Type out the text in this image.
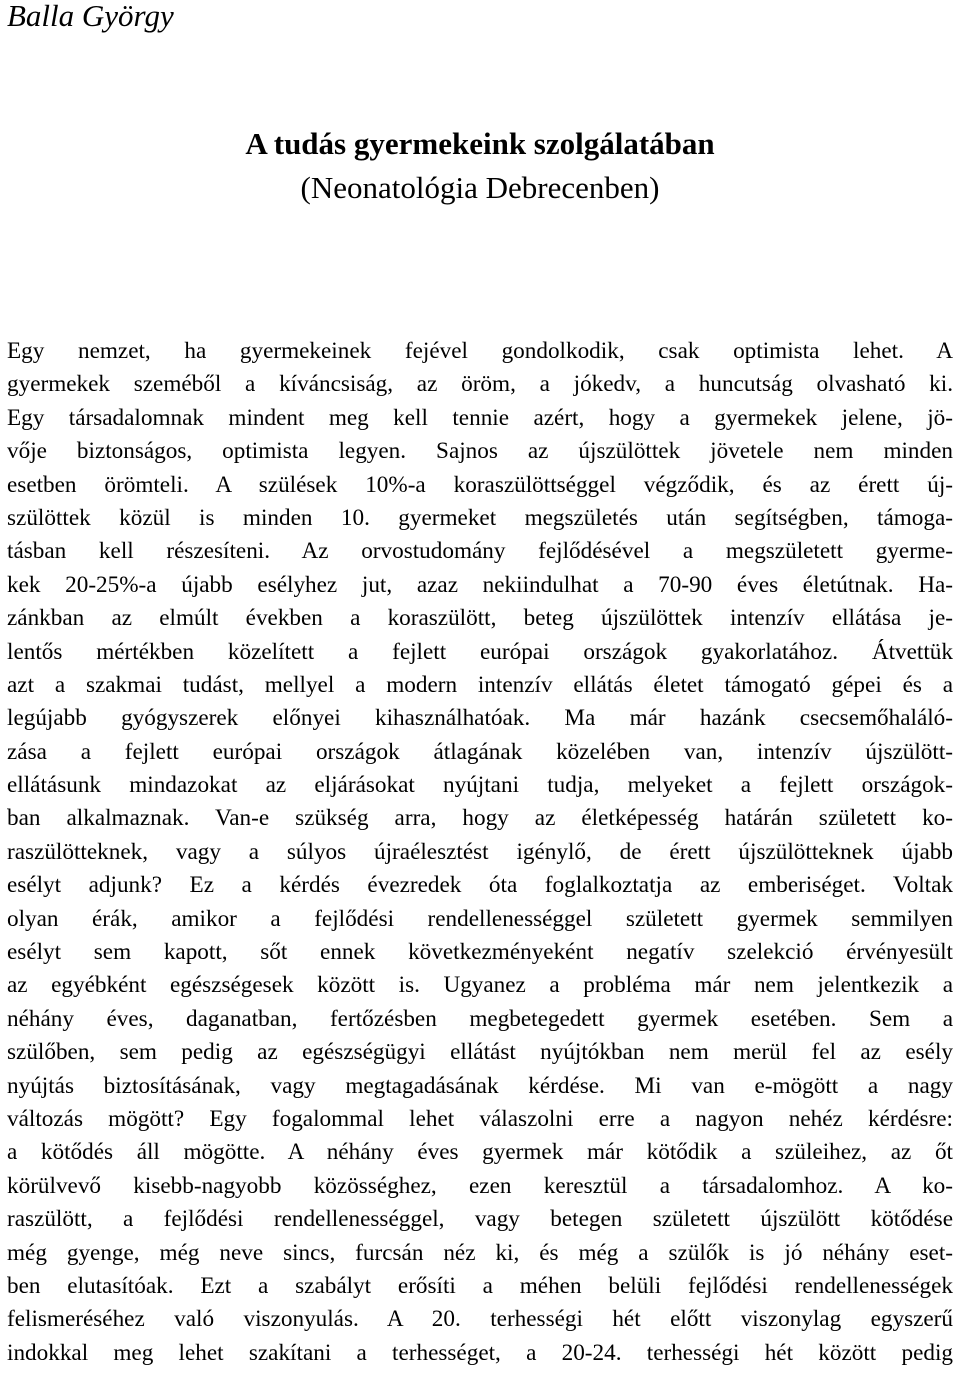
Balla György
A tudás gyermekeink szolgálatában
(Neonatológia Debrecenben)
Egy nemzet, ha gyermekeinek fejével gondolkodik, csak optimista lehet. A
gyermekek szeméből a kíváncsiság, az öröm, a jókedv, a huncutság olvasható ki.
Egy társadalomnak mindent meg kell tennie azért, hogy a gyermekek jelene, jö-
vője biztonságos, optimista legyen. Sajnos az újszülöttek jövetele nem minden
esetben örömteli. A szülések 10%-a koraszülöttséggel végződik, és az érett új-
szülöttek közül is minden 10. gyermeket megszületés után segítségben, támoga-
tásban kell részesíteni. Az orvostudomány fejlődésével a megszületett gyerme-
kek 20-25%-a újabb esélyhez jut, azaz nekiindulhat a 70-90 éves életútnak. Ha-
zánkban az elmúlt években a koraszülött, beteg újszülöttek intenzív ellátása je-
lentős mértékben közelített a fejlett európai országok gyakorlatához. Átvettük
azt a szakmai tudást, mellyel a modern intenzív ellátás életet támogató gépei és a
legújabb gyógyszerek előnyei kihasználhatóak. Ma már hazánk csecsemőhaláló-
zása a fejlett európai országok átlagának közelében van, intenzív újszülött-
ellátásunk mindazokat az eljárásokat nyújtani tudja, melyeket a fejlett országok-
ban alkalmaznak. Van-e szükség arra, hogy az életképesség határán született ko-
raszülötteknek, vagy a súlyos újraélesztést igénylő, de érett újszülötteknek újabb
esélyt adjunk? Ez a kérdés évezredek óta foglalkoztatja az emberiséget. Voltak
olyan érák, amikor a fejlődési rendellenességgel született gyermek semmilyen
esélyt sem kapott, sőt ennek következményeként negatív szelekció érvényesült
az egyébként egészségesek között is. Ugyanez a probléma már nem jelentkezik a
néhány éves, daganatban, fertőzésben megbetegedett gyermek esetében. Sem a
szülőben, sem pedig az egészségügyi ellátást nyújtókban nem merül fel az esély
nyújtás biztosításának, vagy megtagadásának kérdése. Mi van e-mögött a nagy
változás mögött? Egy fogalommal lehet válaszolni erre a nagyon nehéz kérdésre:
a kötődés áll mögötte. A néhány éves gyermek már kötődik a szüleihez, az őt
körülvevő kisebb-nagyobb közösséghez, ezen keresztül a társadalomhoz. A ko-
raszülött, a fejlődési rendellenességgel, vagy betegen született újszülött kötődése
még gyenge, még neve sincs, furcsán néz ki, és még a szülők is jó néhány eset-
ben elutasítóak. Ezt a szabályt erősíti a méhen belüli fejlődési rendellenességek
felismeréséhez való viszonyulás. A 20. terhességi hét előtt viszonylag egyszerű
indokkal meg lehet szakítani a terhességet, a 20-24. terhességi hét között pedig
